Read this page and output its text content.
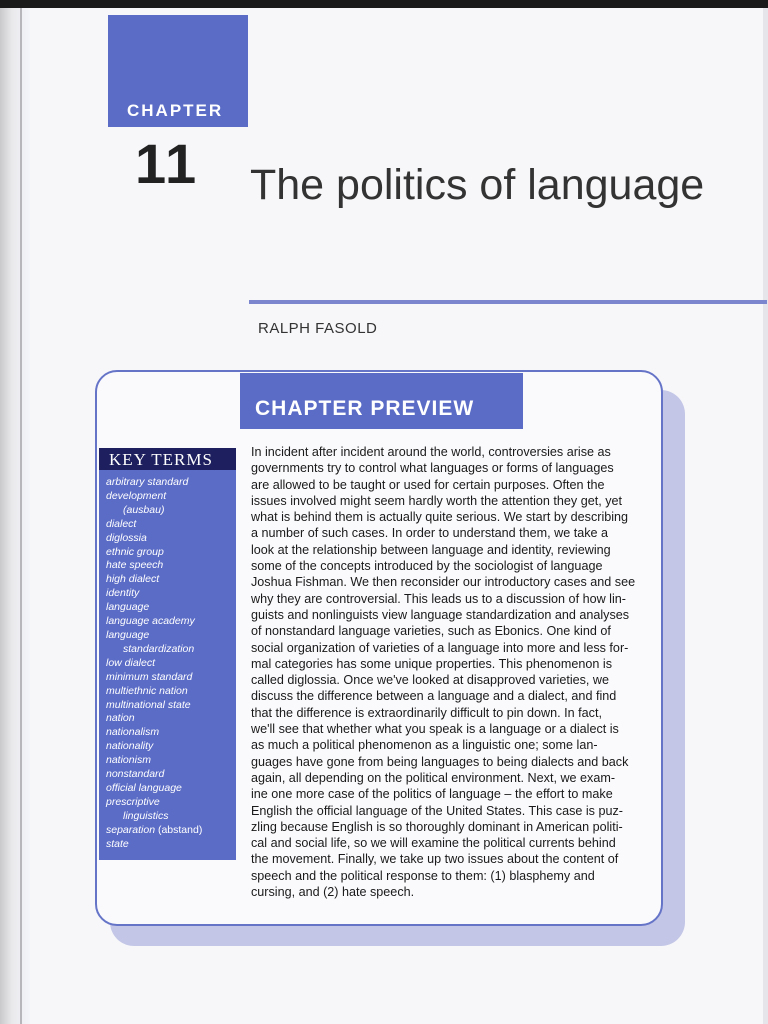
CHAPTER
11 The politics of language
RALPH FASOLD
CHAPTER PREVIEW
KEY TERMS
arbitrary standard
development
(ausbau)
dialect
diglossia
ethnic group
hate speech
high dialect
identity
language
language academy
language
standardization
low dialect
minimum standard
multiethnic nation
multinational state
nation
nationalism
nationality
nationism
nonstandard
official language
prescriptive
linguistics
separation (abstand)
state

In incident after incident around the world, controversies arise as
governments try to control what languages or forms of languages
are allowed to be taught or used for certain purposes. Often the
issues involved might seem hardly worth the attention they get, yet
what is behind them is actually quite serious. We start by describing
a number of such cases. In order to understand them, we take a
look at the relationship between language and identity, reviewing
some of the concepts introduced by the sociologist of language
Joshua Fishman. We then reconsider our introductory cases and see
why they are controversial. This leads us to a discussion of how lin-
guists and nonlinguists view language standardization and analyses
of nonstandard language varieties, such as Ebonics. One kind of
social organization of varieties of a language into more and less for-
mal categories has some unique properties. This phenomenon is
called diglossia. Once we've looked at disapproved varieties, we
discuss the difference between a language and a dialect, and find
that the difference is extraordinarily difficult to pin down. In fact,
we'll see that whether what you speak is a language or a dialect is
as much a political phenomenon as a linguistic one; some lan-
guages have gone from being languages to being dialects and back
again, all depending on the political environment. Next, we exam-
ine one more case of the politics of language – the effort to make
English the official language of the United States. This case is puz-
zling because English is so thoroughly dominant in American politi-
cal and social life, so we will examine the political currents behind
the movement. Finally, we take up two issues about the content of
speech and the political response to them: (1) blasphemy and
cursing, and (2) hate speech.
